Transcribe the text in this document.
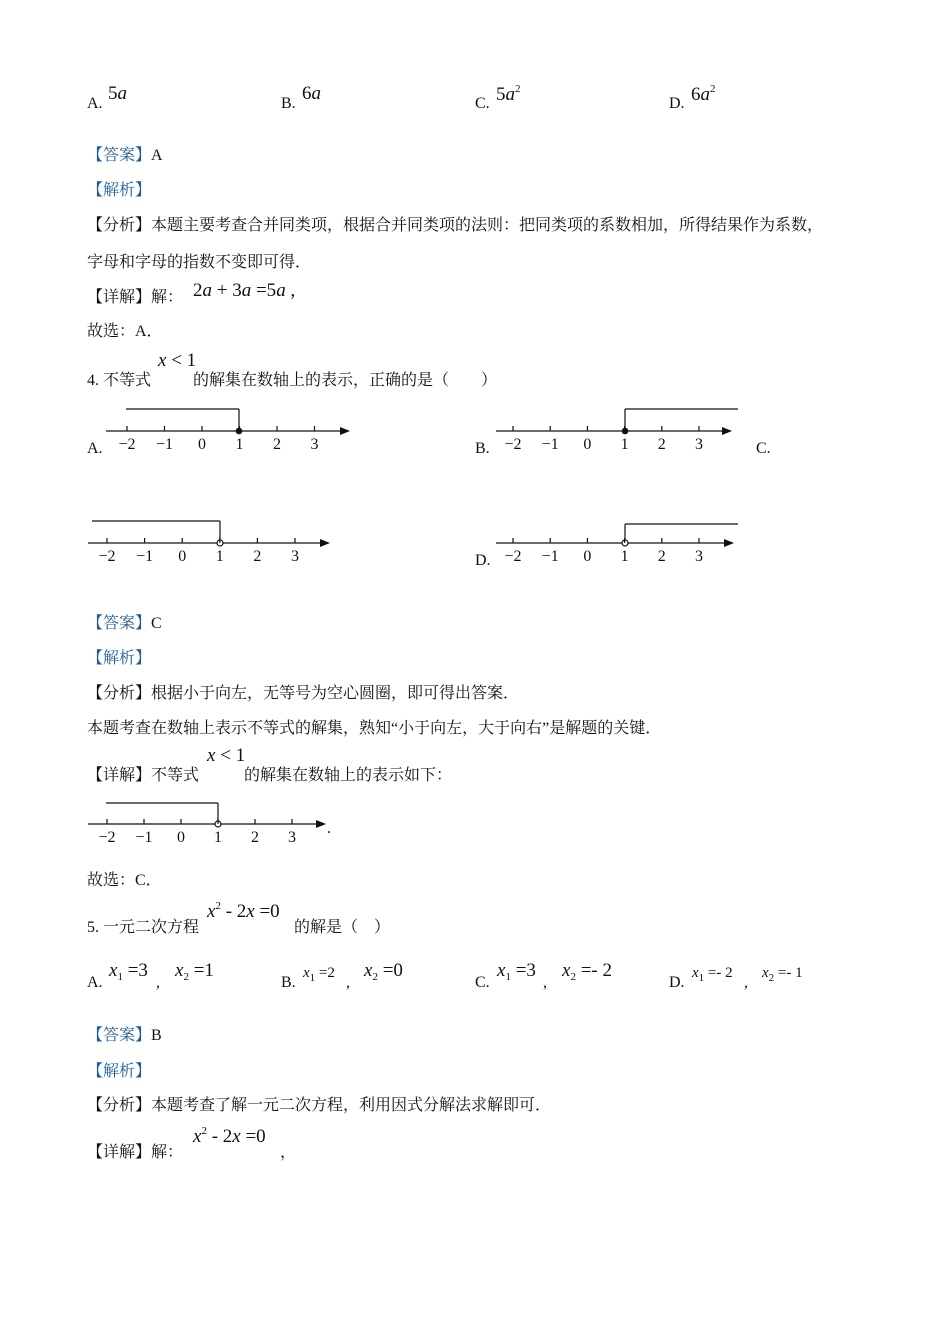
A. 5a	B. 6a	C. $5a^2$
D. $6a^2$
【答案】A
【解析】
【分析】本题主要考查合并同类项，根据合并同类项的法则：把同类项的系数相加，所得结果作为系数，
字母和字母的指数不变即可得．
【详解】解： 2a + 3a =5a ,
故选：A．
4. 不等式
x < 1
的解集在数轴上的表示，正确的是（　　）
A. −2 −1 0 1 2 3	B. −2 −1 0 1 2 3	C.
−2 −1 0 1 2 3	D. −2 −1 0 1 2 3
【答案】C
【解析】
【分析】根据小于向左，无等号为空心圆圈，即可得出答案．
本题考查在数轴上表示不等式的解集，熟知“小于向左，大于向右”是解题的关键．
【详解】不等式
x < 1
的解集在数轴上的表示如下：
−2 −1 0 1 2 3
.
故选：C．
5. 一元二次方程
$x^2 - 2x =0$
的解是（　）
A.
$x_1 =3$
,
$x_2 =1$
B.
$x_1 =2$
,
$x_2 =0$
C.
$x_1 =3$
,
$x_2 =- 2$
D.
$x_1 =- 2$
,
$x_2 =- 1$
【答案】B
【解析】
【分析】本题考查了解一元二次方程，利用因式分解法求解即可．
【详解】解：
$x^2 - 2x =0$
，
